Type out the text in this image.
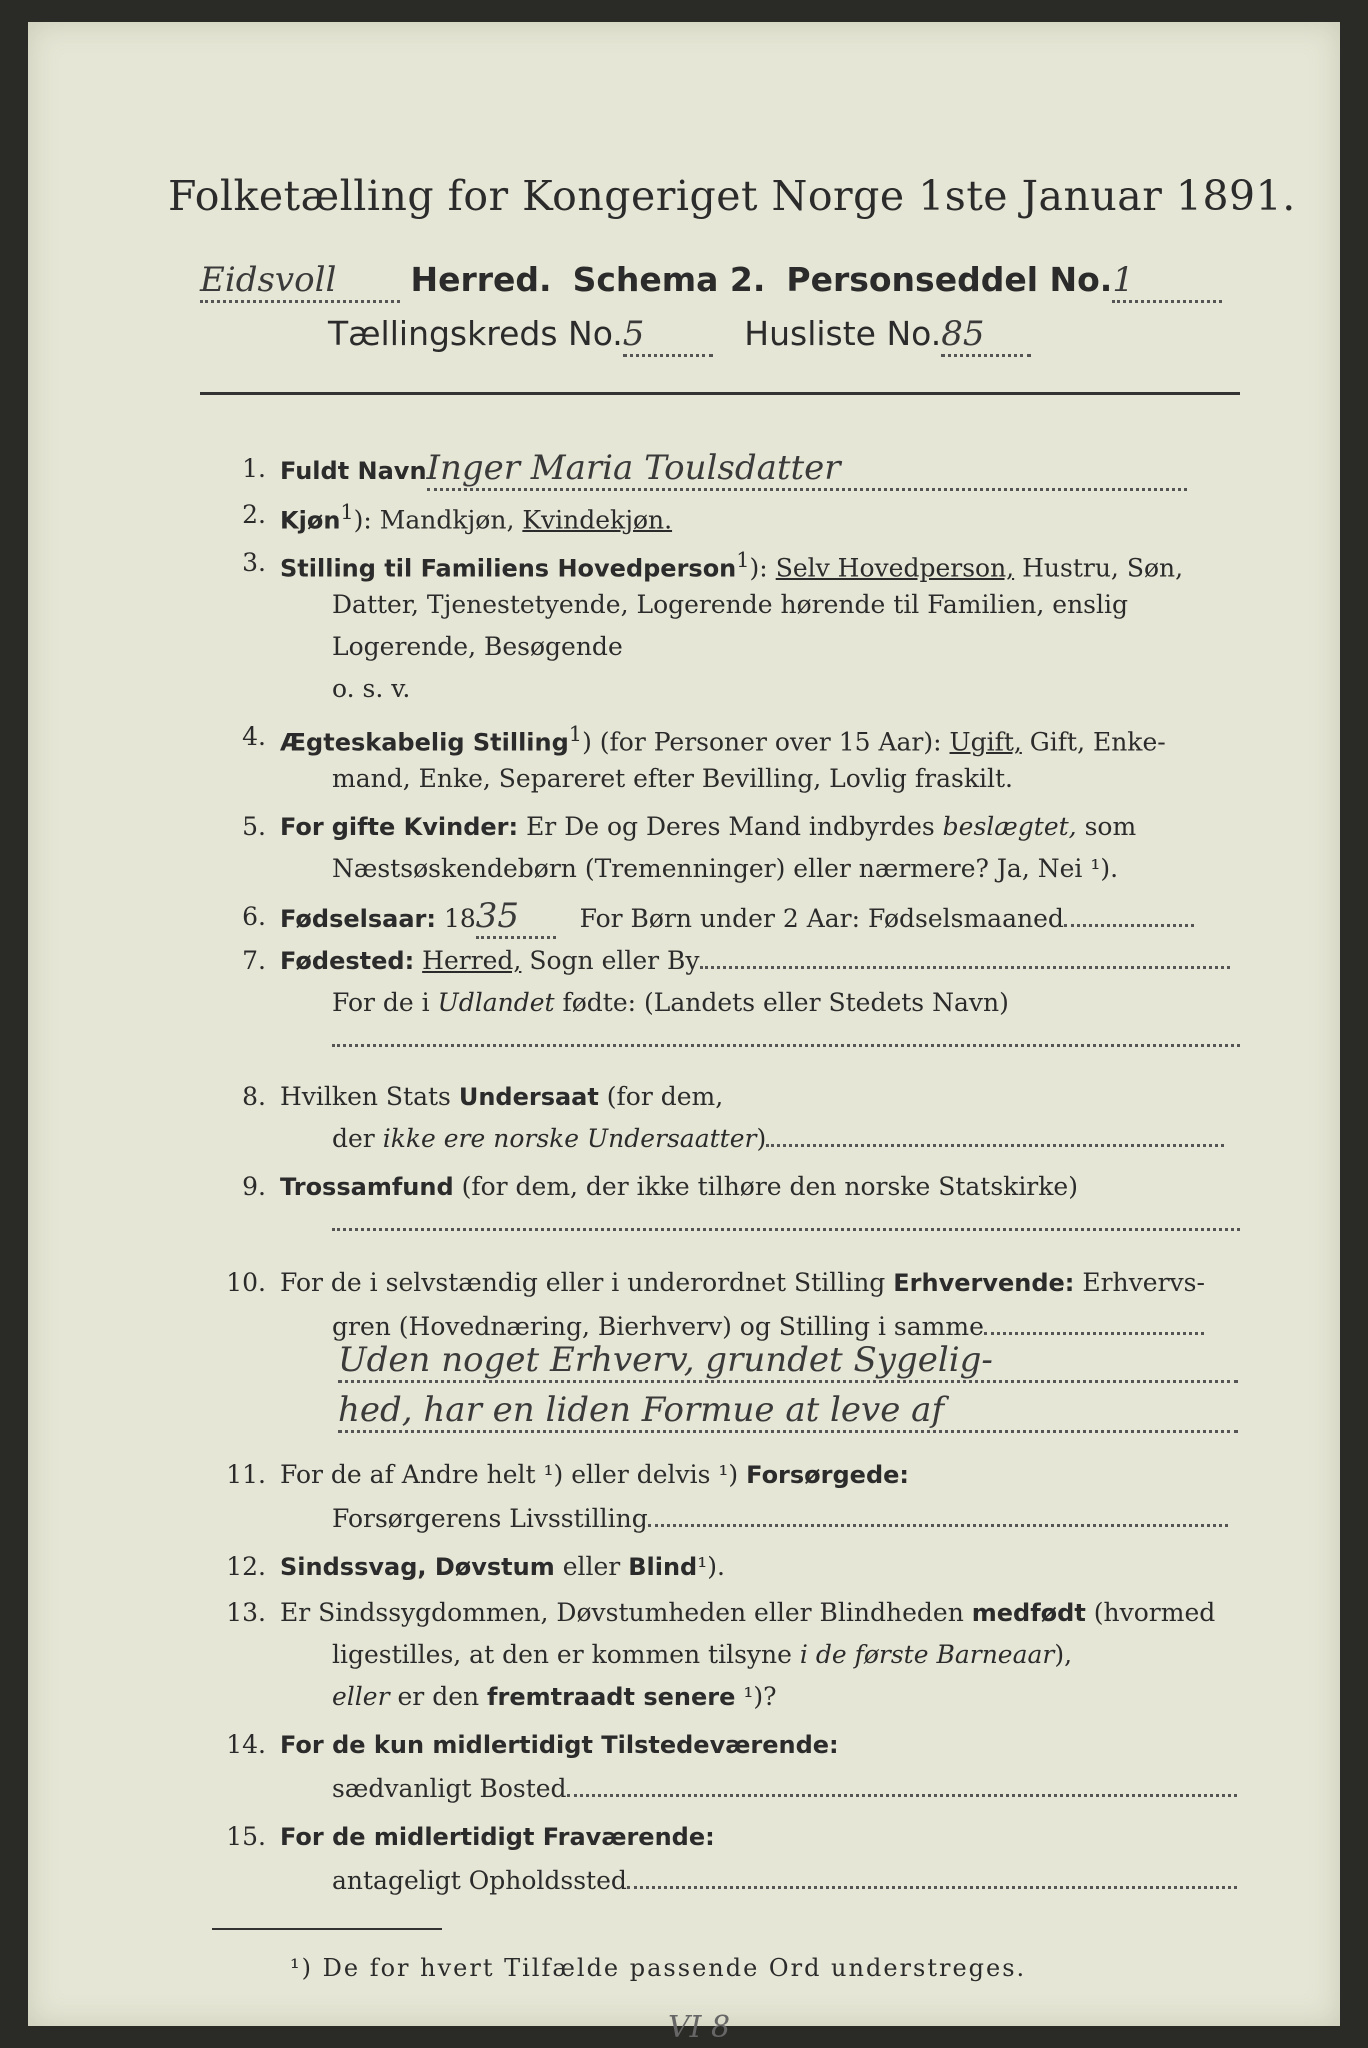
Folketælling for Kongeriget Norge 1ste Januar 1891.
Eidsvoll Herred. Schema 2. Personseddel No.1
Tællingskreds No.5	Husliste No.85
1. Fuldt NavnInger Maria Toulsdatter
2. Kjøn$^1$): Mandkjøn, Kvindekjøn.
3. Stilling til Familiens Hovedperson$^1$): Selv Hovedperson, Hustru, Søn,
Datter, Tjenestetyende, Logerende hørende til Familien, enslig
Logerende, Besøgende
o. s. v.
4. Ægteskabelig Stilling$^1$) (for Personer over 15 Aar): Ugift, Gift, Enke-
mand, Enke, Separeret efter Bevilling, Lovlig fraskilt.
5. For gifte Kvinder: Er De og Deres Mand indbyrdes beslægtet, som
Næstsøskendebørn (Tremenninger) eller nærmere? Ja, Nei ¹).
6. Fødselsaar: 1835 For Børn under 2 Aar: Fødselsmaaned
7. Fødested: Herred, Sogn eller By
For de i Udlandet fødte: (Landets eller Stedets Navn)
8. Hvilken Stats Undersaat (for dem,
der ikke ere norske Undersaatter)
9. Trossamfund (for dem, der ikke tilhøre den norske Statskirke)
10. For de i selvstændig eller i underordnet Stilling Erhvervende: Erhvervs-
gren (Hovednæring, Bierhverv) og Stilling i samme
Uden noget Erhverv, grundet Sygelig-
hed, har en liden Formue at leve af
11. For de af Andre helt ¹) eller delvis ¹) Forsørgede:
Forsørgerens Livsstilling
12. Sindssvag, Døvstum eller Blind¹).
13. Er Sindssygdommen, Døvstumheden eller Blindheden medfødt (hvormed
ligestilles, at den er kommen tilsyne i de første Barneaar),
eller er den fremtraadt senere ¹)?
14. For de kun midlertidigt Tilstedeværende:
sædvanligt Bosted
15. For de midlertidigt Fraværende:
antageligt Opholdssted
¹) De for hvert Tilfælde passende Ord understreges.
VI 8
